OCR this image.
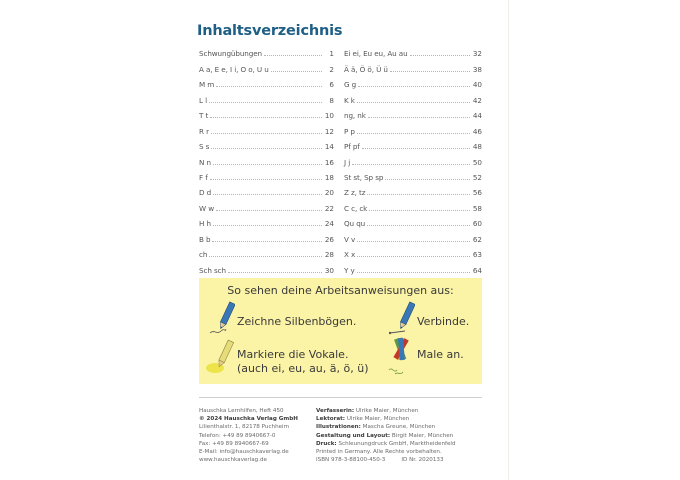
Inhaltsverzeichnis
Schwungübungen	1
A a, E e, I i, O o, U u	2
M m	6
L l	8
T t	10
R r	12
S s	14
N n	16
F f	18
D d	20
W w	22
H h	24
B b	26
ch	28
Sch sch	30
Ei ei, Eu eu, Au au	32
Ä ä, Ö ö, Ü ü	38
G g	40
K k	42
ng, nk	44
P p	46
Pf pf	48
J j	50
St st, Sp sp	52
Z z, tz	56
C c, ck	58
Qu qu	60
V v	62
X x	63
Y y	64
So sehen deine Arbeitsanweisungen aus:
Zeichne Silbenbögen.	Verbinde.
Markiere die Vokale.
(auch ei, eu, au, ä, ö, ü)
Male an.
Hauschka Lernhilfen, Heft 450
© 2024 Hauschka Verlag GmbH
Lilienthalstr. 1, 82178 Puchheim
Telefon: +49 89 8940667-0
Fax: +49 89 8940667-69
E-Mail: info@hauschkaverlag.de
www.hauschkaverlag.de
Verfasserin: Ulrike Maier, München
Lektorat: Ulrike Maier, München
Illustrationen: Mascha Greune, München
Gestaltung und Layout: Birgit Maier, München
Druck: Schleunungdruck GmbH, Marktheidenfeld
Printed in Germany. Alle Rechte vorbehalten.
ISBN 978-3-88100-450-3	ID Nr. 2020133
